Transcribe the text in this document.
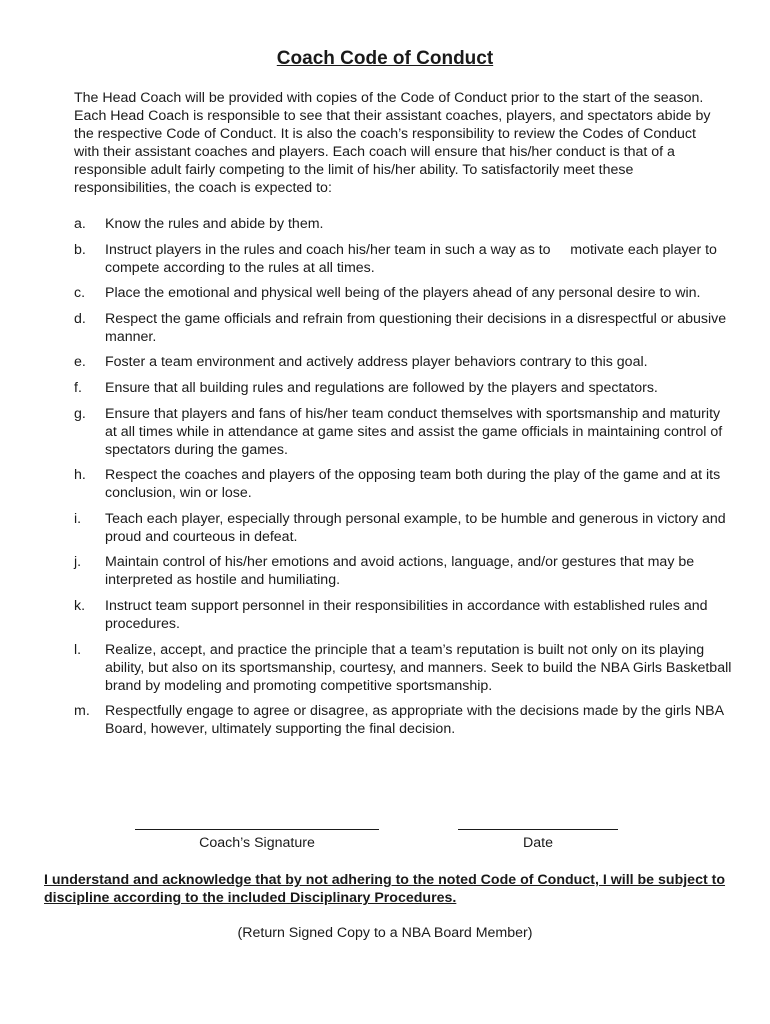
Coach Code of Conduct

The Head Coach will be provided with copies of the Code of Conduct prior to the start of the season. Each Head Coach is responsible to see that their assistant coaches, players, and spectators abide by the respective Code of Conduct. It is also the coach’s responsibility to review the Codes of Conduct with their assistant coaches and players. Each coach will ensure that his/her conduct is that of a responsible adult fairly competing to the limit of his/her ability. To satisfactorily meet these responsibilities, the coach is expected to:

a.	Know the rules and abide by them.
b.	Instruct players in the rules and coach his/her team in such a way as to     motivate each player to compete according to the rules at all times.
c.	Place the emotional and physical well being of the players ahead of any personal desire to win.
d.	Respect the game officials and refrain from questioning their decisions in a disrespectful or abusive manner.
e.	Foster a team environment and actively address player behaviors contrary to this goal.
f.	Ensure that all building rules and regulations are followed by the players and spectators.
g.	Ensure that players and fans of his/her team conduct themselves with sportsmanship and maturity at all times while in attendance at game sites and assist the game officials in maintaining control of spectators during the games.
h.	Respect the coaches and players of the opposing team both during the play of the game and at its conclusion, win or lose.
i.	Teach each player, especially through personal example, to be humble and generous in victory and proud and courteous in defeat.
j.	Maintain control of his/her emotions and avoid actions, language, and/or gestures that may be interpreted as hostile and humiliating.
k.	Instruct team support personnel in their responsibilities in accordance with established rules and procedures.
l.	Realize, accept, and practice the principle that a team’s reputation is built not only on its playing ability, but also on its sportsmanship, courtesy, and manners. Seek to build the NBA Girls Basketball brand by modeling and promoting competitive sportsmanship.
m.	Respectfully engage to agree or disagree, as appropriate with the decisions made by the girls NBA Board, however, ultimately supporting the final decision.
Coach’s Signature	Date

I understand and acknowledge that by not adhering to the noted Code of Conduct, I will be subject to discipline according to the included Disciplinary Procedures.

(Return Signed Copy to a NBA Board Member)
